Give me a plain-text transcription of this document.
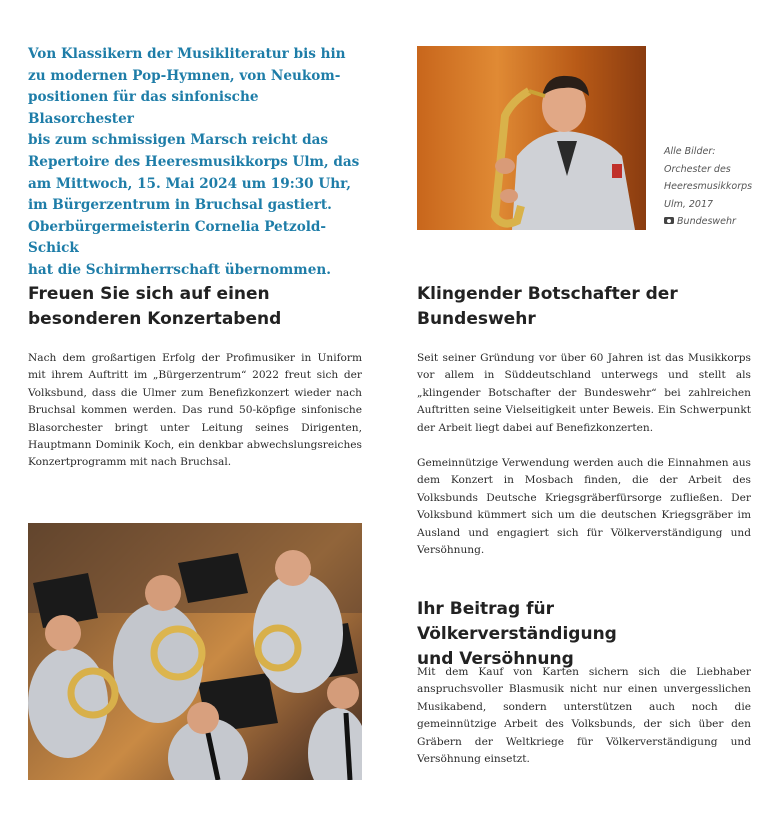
Von Klassikern der Musikliteratur bis hin
zu modernen Pop-Hymnen, von Neukom-
positionen für das sinfonische Blasorchester
bis zum schmissigen Marsch reicht das
Repertoire des Heeresmusikkorps Ulm, das
am Mittwoch, 15. Mai 2024 um 19:30 Uhr,
im Bürgerzentrum in Bruchsal gastiert.
Oberbürgermeisterin Cornelia Petzold-Schick
hat die Schirmherrschaft übernommen.
Alle Bilder:
Orchester des
Heeresmusikkorps
Ulm, 2017
Bundeswehr
Freuen Sie sich auf einen
besonderen Konzertabend

Nach dem großartigen Erfolg der Profimusiker in Uniform mit ihrem Auftritt im „Bürgerzentrum“ 2022 freut sich der Volksbund, dass die Ulmer zum Benefizkonzert wieder nach Bruchsal kommen werden. Das rund 50-köpfige sinfonische Blasorchester bringt unter Leitung seines Dirigenten, Hauptmann Dominik Koch, ein denkbar abwechslungsreiches Konzertprogramm mit nach Bruchsal.

Klingender Botschafter der
Bundeswehr

Seit seiner Gründung vor über 60 Jahren ist das Musikkorps vor allem in Süddeutschland unterwegs und stellt als „klingender Botschafter der Bundeswehr“ bei zahlreichen Auftritten seine Vielseitigkeit unter Beweis. Ein Schwerpunkt der Arbeit liegt dabei auf Benefizkonzerten.

Gemeinnützige Verwendung werden auch die Einnahmen aus dem Konzert in Mosbach finden, die der Arbeit des Volksbunds Deutsche Kriegsgräberfürsorge zufließen. Der Volksbund kümmert sich um die deutschen Kriegsgräber im Ausland und engagiert sich für Völkerverständigung und Versöhnung.

Ihr Beitrag für Völkerverständigung
und Versöhnung

Mit dem Kauf von Karten sichern sich die Liebhaber anspruchsvoller Blasmusik nicht nur einen unvergesslichen Musikabend, sondern unterstützen auch noch die gemeinnützige Arbeit des Volksbunds, der sich über den Gräbern der Weltkriege für Völkerverständigung und Versöhnung einsetzt.
